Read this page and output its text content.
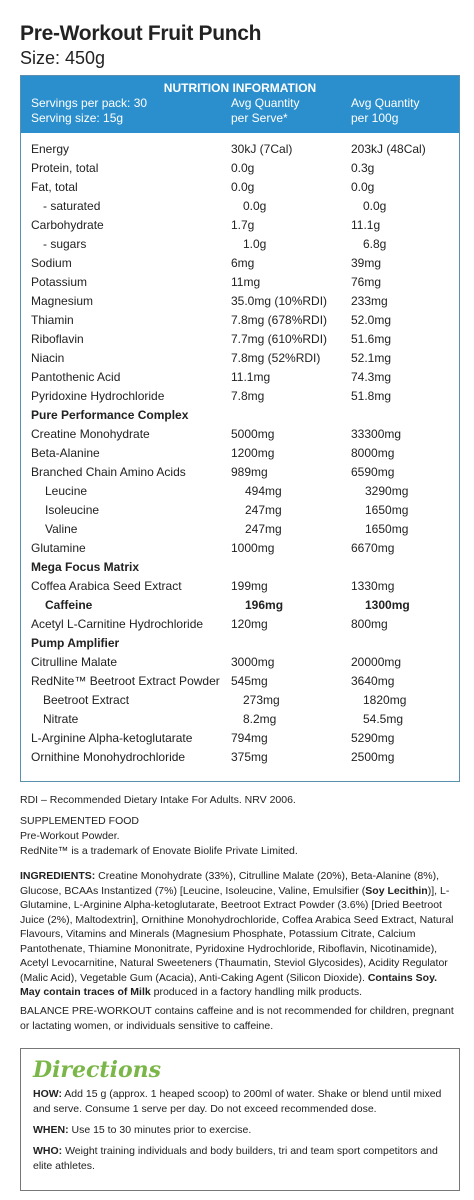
Pre-Workout Fruit Punch
Size: 450g
NUTRITION INFORMATION
Servings per pack: 30	Avg Quantity	Avg Quantity
Serving size: 15g	per Serve*	per 100g
Energy	30kJ (7Cal)	203kJ (48Cal)
Protein, total	0.0g	0.3g
Fat, total	0.0g	0.0g
- saturated	0.0g	0.0g
Carbohydrate	1.7g	11.1g
- sugars	1.0g	6.8g
Sodium	6mg	39mg
Potassium	11mg	76mg
Magnesium	35.0mg (10%RDI)	233mg
Thiamin	7.8mg (678%RDI)	52.0mg
Riboflavin	7.7mg (610%RDI)	51.6mg
Niacin	7.8mg (52%RDI)	52.1mg
Pantothenic Acid	11.1mg	74.3mg
Pyridoxine Hydrochloride	7.8mg	51.8mg
Pure Performance Complex
Creatine Monohydrate	5000mg	33300mg
Beta-Alanine	1200mg	8000mg
Branched Chain Amino Acids	989mg	6590mg
Leucine	494mg	3290mg
Isoleucine	247mg	1650mg
Valine	247mg	1650mg
Glutamine	1000mg	6670mg
Mega Focus Matrix
Coffea Arabica Seed Extract	199mg	1330mg
Caffeine	196mg	1300mg
Acetyl L-Carnitine Hydrochloride	120mg	800mg
Pump Amplifier
Citrulline Malate	3000mg	20000mg
RedNite™ Beetroot Extract Powder 545mg	3640mg
Beetroot Extract	273mg	1820mg
Nitrate	8.2mg	54.5mg
L-Arginine Alpha-ketoglutarate	794mg	5290mg
Ornithine Monohydrochloride	375mg	2500mg

RDI – Recommended Dietary Intake For Adults. NRV 2006.

SUPPLEMENTED FOOD

Pre-Workout Powder.

RedNite™ is a trademark of Enovate Biolife Private Limited.

INGREDIENTS: Creatine Monohydrate (33%), Citrulline Malate (20%), Beta-Alanine (8%), Glucose, BCAAs Instantized (7%) [Leucine, Isoleucine, Valine, Emulsifier (Soy Lecithin)], L-Glutamine, L-Arginine Alpha-ketoglutarate, Beetroot Extract Powder (3.6%) [Dried Beetroot Juice (2%), Maltodextrin], Ornithine Monohydrochloride, Coffea Arabica Seed Extract, Natural Flavours, Vitamins and Minerals (Magnesium Phosphate, Potassium Citrate, Calcium Pantothenate, Thiamine Mononitrate, Pyridoxine Hydrochloride, Riboflavin, Nicotinamide), Acetyl Levocarnitine, Natural Sweeteners (Thaumatin, Steviol Glycosides), Acidity Regulator (Malic Acid), Vegetable Gum (Acacia), Anti-Caking Agent (Silicon Dioxide). Contains Soy. May contain traces of Milk produced in a factory handling milk products.
BALANCE PRE-WORKOUT contains caffeine and is not recommended for children, pregnant or lactating women, or individuals sensitive to caffeine.
Directions

HOW: Add 15 g (approx. 1 heaped scoop) to 200ml of water. Shake or blend until mixed and serve. Consume 1 serve per day. Do not exceed recommended dose.

WHEN: Use 15 to 30 minutes prior to exercise.

WHO: Weight training individuals and body builders, tri and team sport competitors and elite athletes.
